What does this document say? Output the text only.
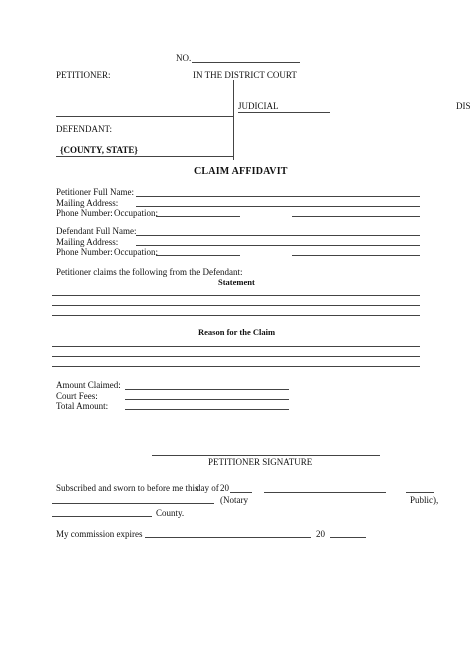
NO.
PETITIONER:	IN THE DISTRICT COURT
JUDICIAL	DIS
DEFENDANT:
{COUNTY, STATE}
CLAIM AFFIDAVIT
Petitioner Full Name:
Mailing Address:
Phone Number: Occupation:
Defendant Full Name:
Mailing Address:
Phone Number: Occupation:
Petitioner claims the following from the Defendant:
Statement
Reason for the Claim
Amount Claimed:
Court Fees:
Total Amount:
PETITIONER SIGNATURE
Subscribed and sworn to before me this
day of 20
(Notary	Public),
County.
My commission expires	20
